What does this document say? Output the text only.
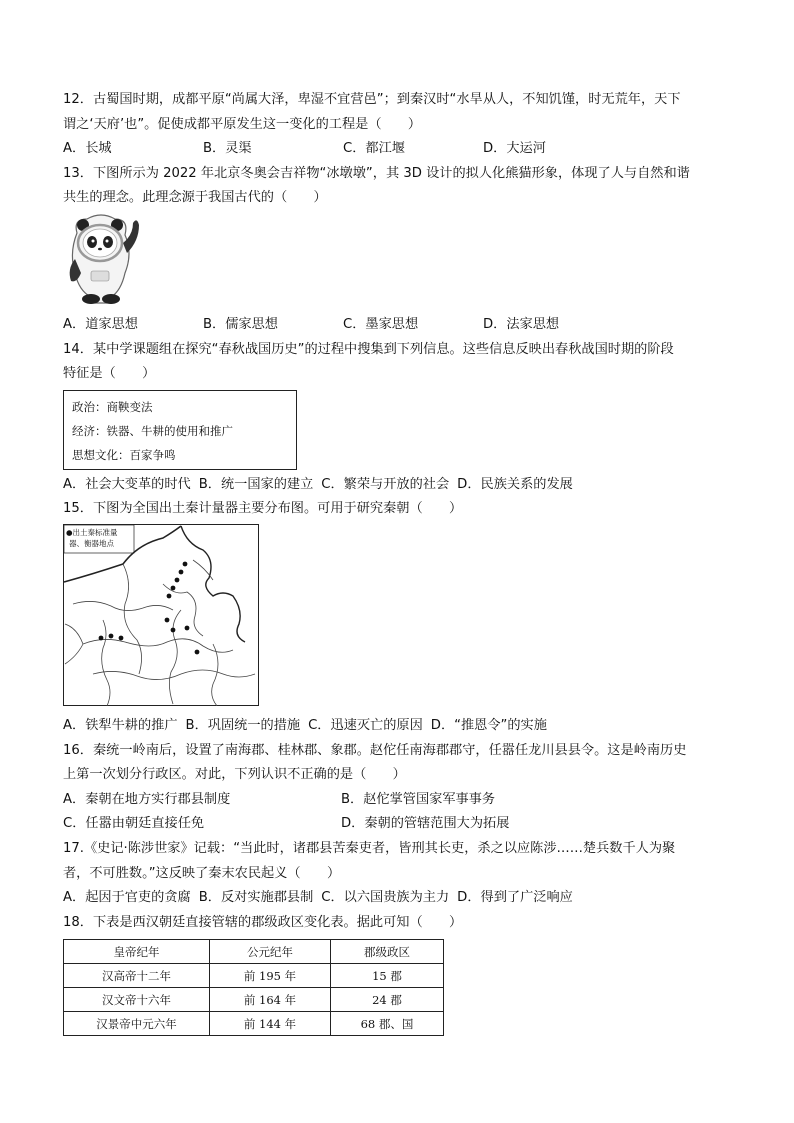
12．古蜀国时期，成都平原“尚属大泽，卑湿不宜营邑”；到秦汉时“水旱从人，不知饥馑，时无荒年，天下
谓之‘天府’也”。促使成都平原发生这一变化的工程是（　　）
A．长城	B．灵渠	C．都江堰	D．大运河
13．下图所示为 2022 年北京冬奥会吉祥物“冰墩墩”，其 3D 设计的拟人化熊猫形象，体现了人与自然和谐
共生的理念。此理念源于我国古代的（　　）
A．道家思想	B．儒家思想	C．墨家思想	D．法家思想
14．某中学课题组在探究“春秋战国历史”的过程中搜集到下列信息。这些信息反映出春秋战国时期的阶段
特征是（　　）
政治：商鞅变法
经济：铁器、牛耕的使用和推广
思想文化：百家争鸣
A．社会大变革的时代 B．统一国家的建立 C．繁荣与开放的社会 D．民族关系的发展
15．下图为全国出土秦计量器主要分布图。可用于研究秦朝（　　）
●出土秦标准量
器、衡器地点
A．铁犁牛耕的推广 B．巩固统一的措施 C．迅速灭亡的原因 D．“推恩令”的实施
16．秦统一岭南后，设置了南海郡、桂林郡、象郡。赵佗任南海郡郡守，任嚣任龙川县县令。这是岭南历史
上第一次划分行政区。对此，下列认识不正确的是（　　）
A．秦朝在地方实行郡县制度	B．赵佗掌管国家军事事务
C．任嚣由朝廷直接任免	D．秦朝的管辖范围大为拓展
17.《史记·陈涉世家》记载：“当此时，诸郡县苦秦吏者，皆刑其长吏，杀之以应陈涉……楚兵数千人为聚
者，不可胜数。”这反映了秦末农民起义（　　）
A．起因于官吏的贪腐 B．反对实施郡县制 C．以六国贵族为主力 D．得到了广泛响应
18．下表是西汉朝廷直接管辖的郡级政区变化表。据此可知（　　）
皇帝纪年	公元纪年	郡级政区
汉高帝十二年	前 195 年	15 郡
汉文帝十六年	前 164 年	24 郡
汉景帝中元六年	前 144 年	68 郡、国
